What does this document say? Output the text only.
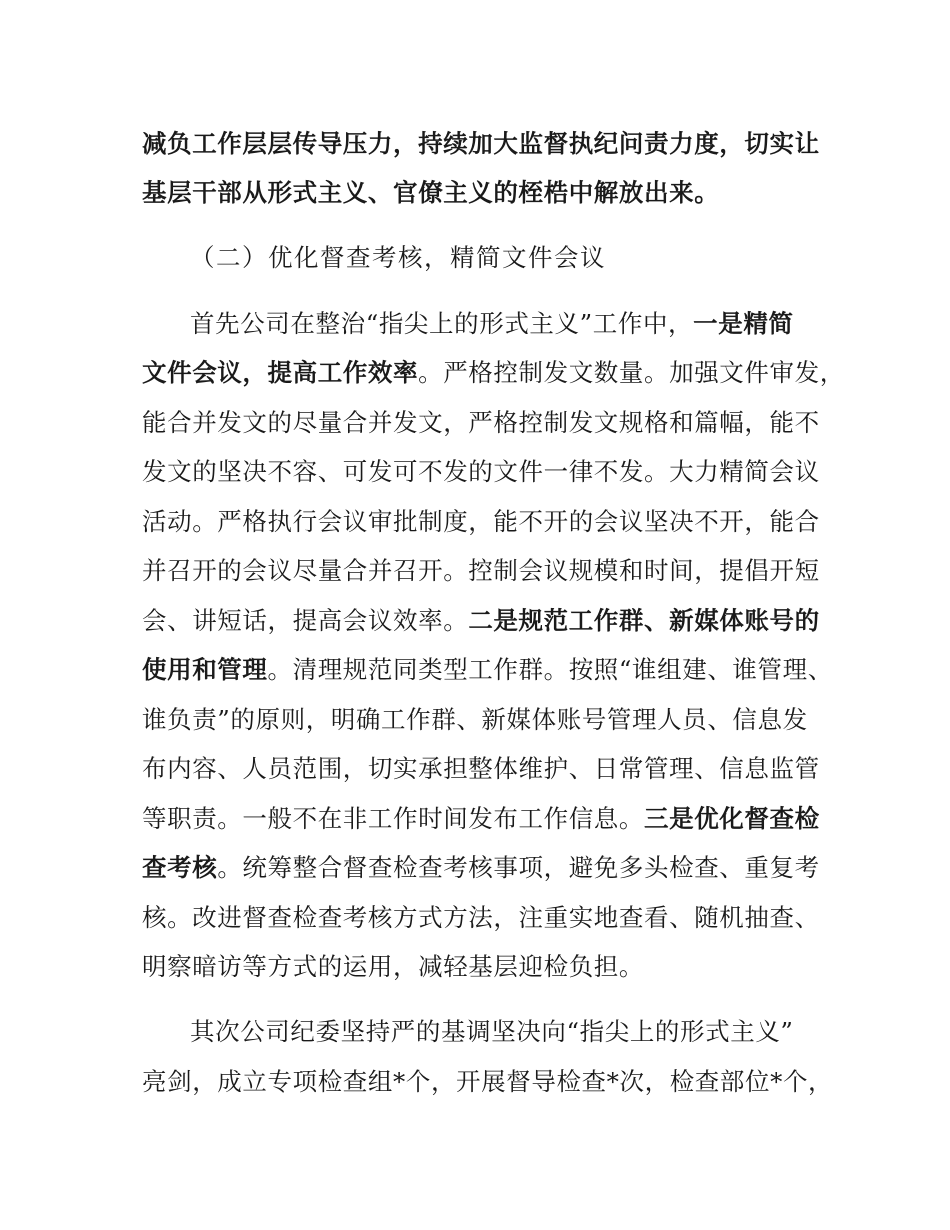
减负工作层层传导压力，持续加大监督执纪问责力度，切实让
基层干部从形式主义、官僚主义的桎梏中解放出来。
（二）优化督查考核，精简文件会议
首先公司在整治“指尖上的形式主义”工作中，一是精简
文件会议，提高工作效率。严格控制发文数量。加强文件审发，
能合并发文的尽量合并发文，严格控制发文规格和篇幅，能不
发文的坚决不容、可发可不发的文件一律不发。大力精简会议
活动。严格执行会议审批制度，能不开的会议坚决不开，能合
并召开的会议尽量合并召开。控制会议规模和时间，提倡开短
会、讲短话，提高会议效率。二是规范工作群、新媒体账号的
使用和管理。清理规范同类型工作群。按照“谁组建、谁管理、
谁负责”的原则，明确工作群、新媒体账号管理人员、信息发
布内容、人员范围，切实承担整体维护、日常管理、信息监管
等职责。一般不在非工作时间发布工作信息。三是优化督查检
查考核。统筹整合督查检查考核事项，避免多头检查、重复考
核。改进督查检查考核方式方法，注重实地查看、随机抽查、
明察暗访等方式的运用，减轻基层迎检负担。
其次公司纪委坚持严的基调坚决向“指尖上的形式主义”
亮剑，成立专项检查组*个，开展督导检查*次，检查部位*个，
